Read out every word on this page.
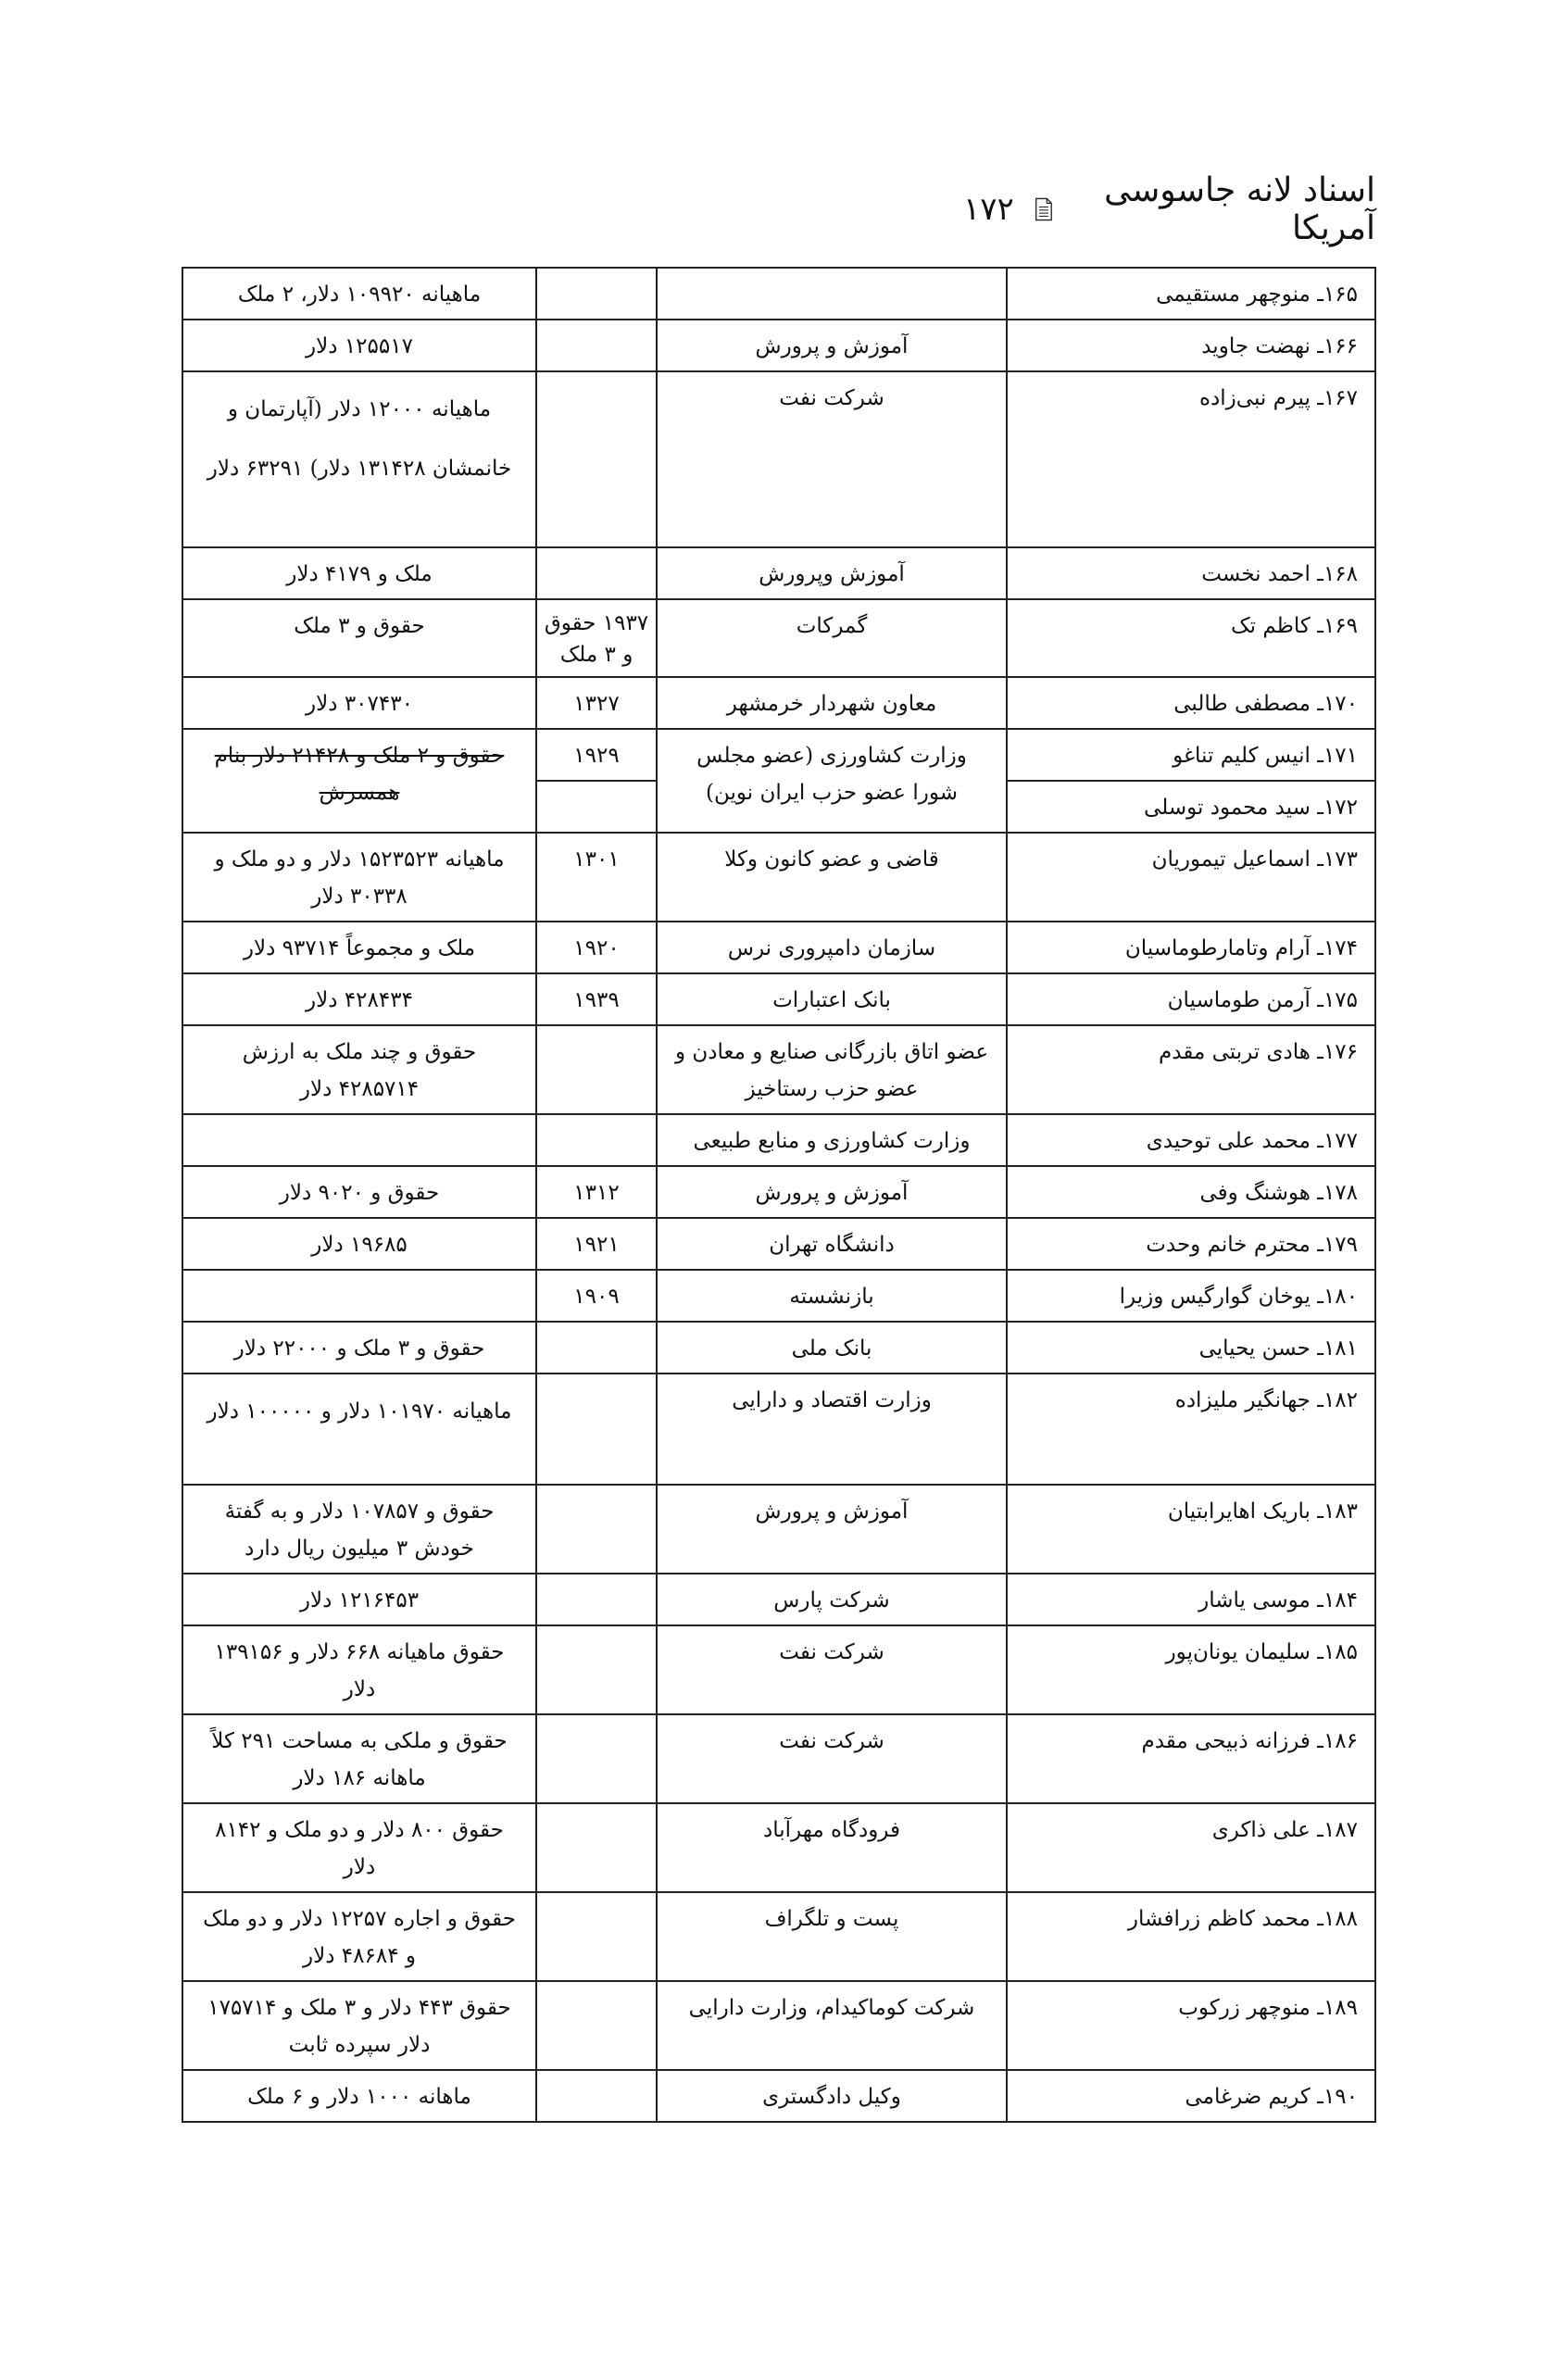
اسناد لانه جاسوسی آمریکا
۱۷۲
۱۶۵ـ منوچهر مستقیمی			ماهیانه ۱۰۹۹۲۰ دلار، ۲ ملک
۱۶۶ـ نهضت جاوید	آموزش و پرورش		۱۲۵۵۱۷ دلار
۱۶۷ـ پیرم نبی‌زاده	شرکت نفت		ماهیانه ۱۲۰۰۰ دلار (آپارتمان و خانمشان ۱۳۱۴۲۸ دلار) ۶۳۲۹۱ دلار
۱۶۸ـ احمد نخست	آموزش وپرورش		ملک و ۴۱۷۹ دلار
۱۶۹ـ کاظم تک	گمرکات	۱۹۳۷ حقوق و ۳ ملک	حقوق و ۳ ملک
۱۷۰ـ مصطفی طالبی	معاون شهردار خرمشهر	۱۳۲۷	۳۰۷۴۳۰ دلار
۱۷۱ـ انیس کلیم تناغو	وزارت کشاورزی (عضو مجلس شورا عضو حزب ایران نوین)	۱۹۲۹	حقوق و ۲ ملک و ۲۱۴۲۸ دلار بنام همسرش
۱۷۲ـ سید محمود توسلی			
۱۷۳ـ اسماعیل تیموریان	قاضی و عضو کانون وکلا	۱۳۰۱	ماهیانه ۱۵۲۳۵۲۳ دلار و دو ملک و ۳۰۳۳۸ دلار
۱۷۴ـ آرام وتامارطوماسیان	سازمان دامپروری نرس	۱۹۲۰	ملک و مجموعاً ۹۳۷۱۴ دلار
۱۷۵ـ آرمن طوماسیان	بانک اعتبارات	۱۹۳۹	۴۲۸۴۳۴ دلار
۱۷۶ـ هادی تربتی مقدم	عضو اتاق بازرگانی صنایع و معادن و عضو حزب رستاخیز		حقوق و چند ملک به ارزش ۴۲۸۵۷۱۴ دلار
۱۷۷ـ محمد علی توحیدی	وزارت کشاورزی و منابع طبیعی		
۱۷۸ـ هوشنگ وفی	آموزش و پرورش	۱۳۱۲	حقوق و ۹۰۲۰ دلار
۱۷۹ـ محترم خانم وحدت	دانشگاه تهران	۱۹۲۱	۱۹۶۸۵ دلار
۱۸۰ـ یوخان گوارگیس وزیرا	بازنشسته	۱۹۰۹	
۱۸۱ـ حسن یحیایی	بانک ملی		حقوق و ۳ ملک و ۲۲۰۰۰ دلار
۱۸۲ـ جهانگیر ملیزاده	وزارت اقتصاد و دارایی		ماهیانه ۱۰۱۹۷۰ دلار و ۱۰۰۰۰۰ دلار
۱۸۳ـ باریک اهایرابتیان	آموزش و پرورش		حقوق و ۱۰۷۸۵۷ دلار و به گفتهٔ خودش ۳ میلیون ریال دارد
۱۸۴ـ موسی یاشار	شرکت پارس		۱۲۱۶۴۵۳ دلار
۱۸۵ـ سلیمان یونان‌پور	شرکت نفت		حقوق ماهیانه ۶۶۸ دلار و ۱۳۹۱۵۶ دلار
۱۸۶ـ فرزانه ذبیحی مقدم	شرکت نفت		حقوق و ملکی به مساحت ۲۹۱ کلاً ماهانه ۱۸۶ دلار
۱۸۷ـ علی ذاکری	فرودگاه مهرآباد		حقوق ۸۰۰ دلار و دو ملک و ۸۱۴۲ دلار
۱۸۸ـ محمد کاظم زرافشار	پست و تلگراف		حقوق و اجاره ۱۲۲۵۷ دلار و دو ملک و ۴۸۶۸۴ دلار
۱۸۹ـ منوچهر زرکوب	شرکت کوماکیدام، وزارت دارایی		حقوق ۴۴۳ دلار و ۳ ملک و ۱۷۵۷۱۴ دلار سپرده ثابت
۱۹۰ـ کریم ضرغامی	وکیل دادگستری		ماهانه ۱۰۰۰ دلار و ۶ ملک
